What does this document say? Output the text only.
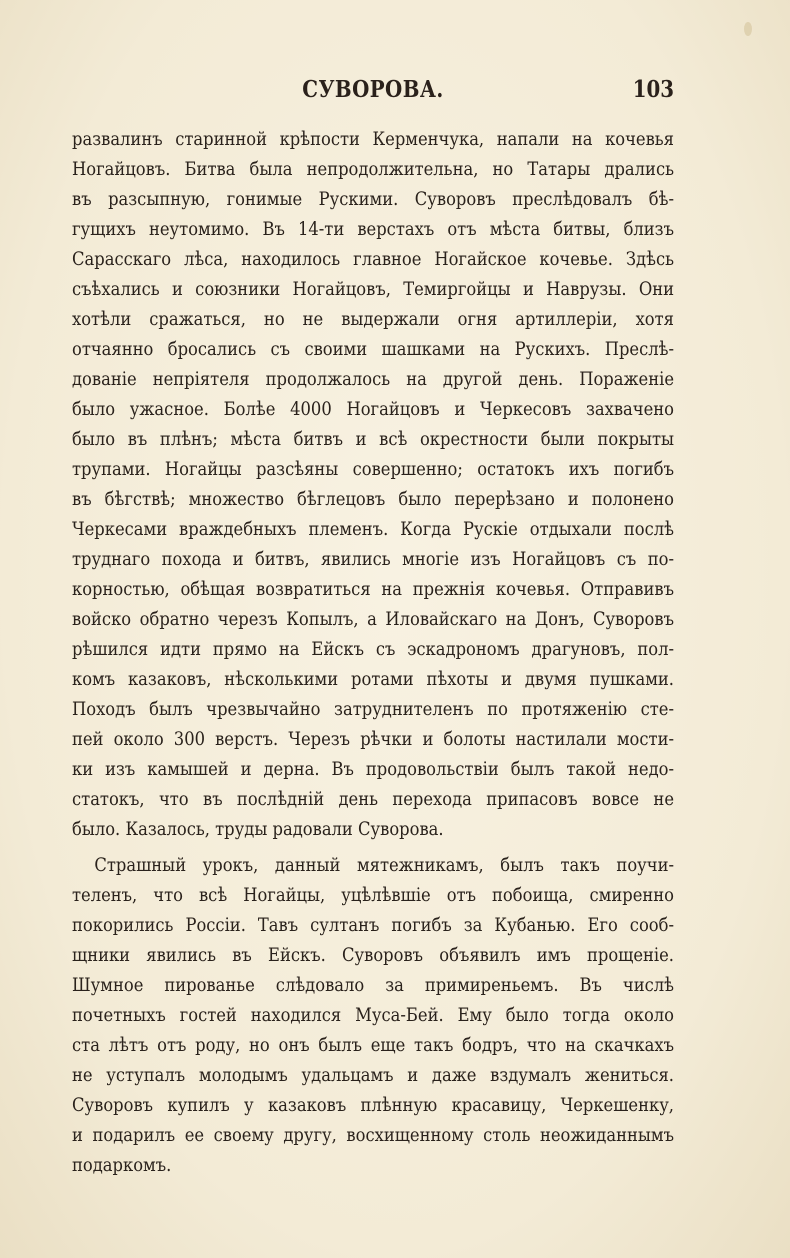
СУВОРОВА.	103
развалинъ старинной крѣпости Керменчука, напали на кочевья
Ногайцовъ. Битва была непродолжительна, но Татары дрались
въ разсыпную, гонимые Рускими. Суворовъ преслѣдовалъ бѣ-
гущихъ неутомимо. Въ 14-ти верстахъ отъ мѣста битвы, близъ
Сарасскаго лѣса, находилось главное Ногайское кочевье. Здѣсь
съѣхались и союзники Ногайцовъ, Темиргойцы и Наврузы. Они
хотѣли сражаться, но не выдержали огня артиллеріи, хотя
отчаянно бросались съ своими шашками на Рускихъ. Преслѣ-
дованіе непріятеля продолжалось на другой день. Пораженіе
было ужасное. Болѣе 4000 Ногайцовъ и Черкесовъ захвачено
было въ плѣнъ; мѣста битвъ и всѣ окрестности были покрыты
трупами. Ногайцы разсѣяны совершенно; остатокъ ихъ погибъ
въ бѣгствѣ; множество бѣглецовъ было перерѣзано и полонено
Черкесами враждебныхъ племенъ. Когда Рускіе отдыхали послѣ
труднаго похода и битвъ, явились многіе изъ Ногайцовъ съ по-
корностью, обѣщая возвратиться на прежнія кочевья. Отправивъ
войско обратно черезъ Копылъ, а Иловайскаго на Донъ, Суворовъ
рѣшился идти прямо на Ейскъ съ эскадрономъ драгуновъ, пол-
комъ казаковъ, нѣсколькими ротами пѣхоты и двумя пушками.
Походъ былъ чрезвычайно затруднителенъ по протяженію сте-
пей около 300 верстъ. Черезъ рѣчки и болоты настилали мости-
ки изъ камышей и дерна. Въ продовольствіи былъ такой недо-
статокъ, что въ послѣдній день перехода припасовъ вовсе не
было. Казалось, труды радовали Суворова.
Страшный урокъ, данный мятежникамъ, былъ такъ поучи-
теленъ, что всѣ Ногайцы, уцѣлѣвшіе отъ побоища, смиренно
покорились Россіи. Тавъ султанъ погибъ за Кубанью. Его сооб-
щники явились въ Ейскъ. Суворовъ объявилъ имъ прощеніе.
Шумное пированье слѣдовало за примиреньемъ. Въ числѣ
почетныхъ гостей находился Муса-Бей. Ему было тогда около
ста лѣтъ отъ роду, но онъ былъ еще такъ бодръ, что на скачкахъ
не уступалъ молодымъ удальцамъ и даже вздумалъ жениться.
Суворовъ купилъ у казаковъ плѣнную красавицу, Черкешенку,
и подарилъ ее своему другу, восхищенному столь неожиданнымъ
подаркомъ.
